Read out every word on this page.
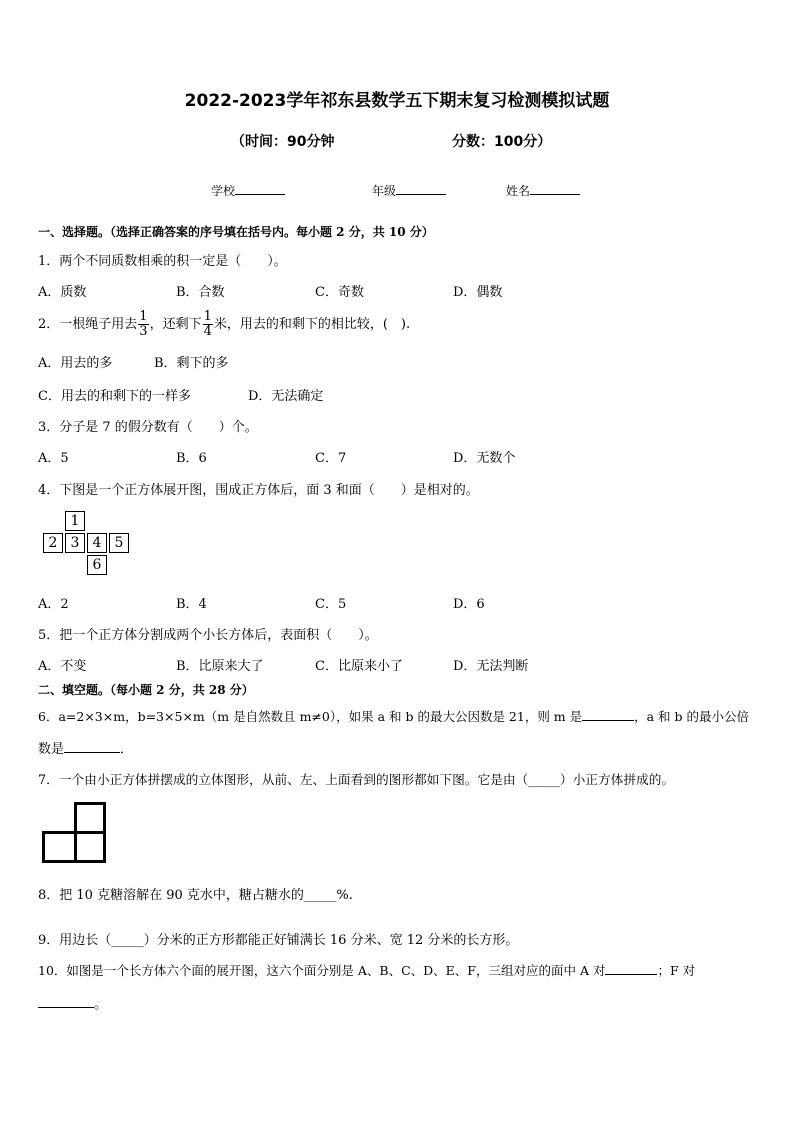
2022-2023学年祁东县数学五下期末复习检测模拟试题
（时间：90分钟	分数：100分）
学校	年级	姓名
一、选择题。（选择正确答案的序号填在括号内。每小题 2 分，共 10 分）
1．两个不同质数相乘的积一定是（　　）。
A．质数	B．合数	C．奇数	D．偶数
2．一根绳子用去 $\frac{1}{3}$ ，还剩下 $\frac{1}{4}$ 米，用去的和剩下的相比较，(　).
A．用去的多	B．剩下的多
C．用去的和剩下的一样多	D．无法确定
3．分子是 7 的假分数有（　　）个。
A．5	B．6	C．7	D．无数个
4．下图是一个正方体展开图，围成正方体后，面 3 和面（　　）是相对的。
1
2 3 4 5
6
A．2	B．4	C．5	D．6
5．把一个正方体分割成两个小长方体后，表面积（　　）。
A．不变	B．比原来大了	C．比原来小了	D．无法判断
二、填空题。（每小题 2 分，共 28 分）
6．a=2×3×m，b=3×5×m（m 是自然数且 m≠0），如果 a 和 b 的最大公因数是 21，则 m 是	，a 和 b 的最小公倍
数是	．
7．一个由小正方体拼摆成的立体图形，从前、左、上面看到的图形都如下图。它是由（_____）小正方体拼成的。
8．把 10 克糖溶解在 90 克水中，糖占糖水的_____%.
9．用边长（_____）分米的正方形都能正好铺满长 16 分米、宽 12 分米的长方形。
10．如图是一个长方体六个面的展开图，这六个面分别是 A、B、C、D、E、F，三组对应的面中 A 对	；F 对
。
